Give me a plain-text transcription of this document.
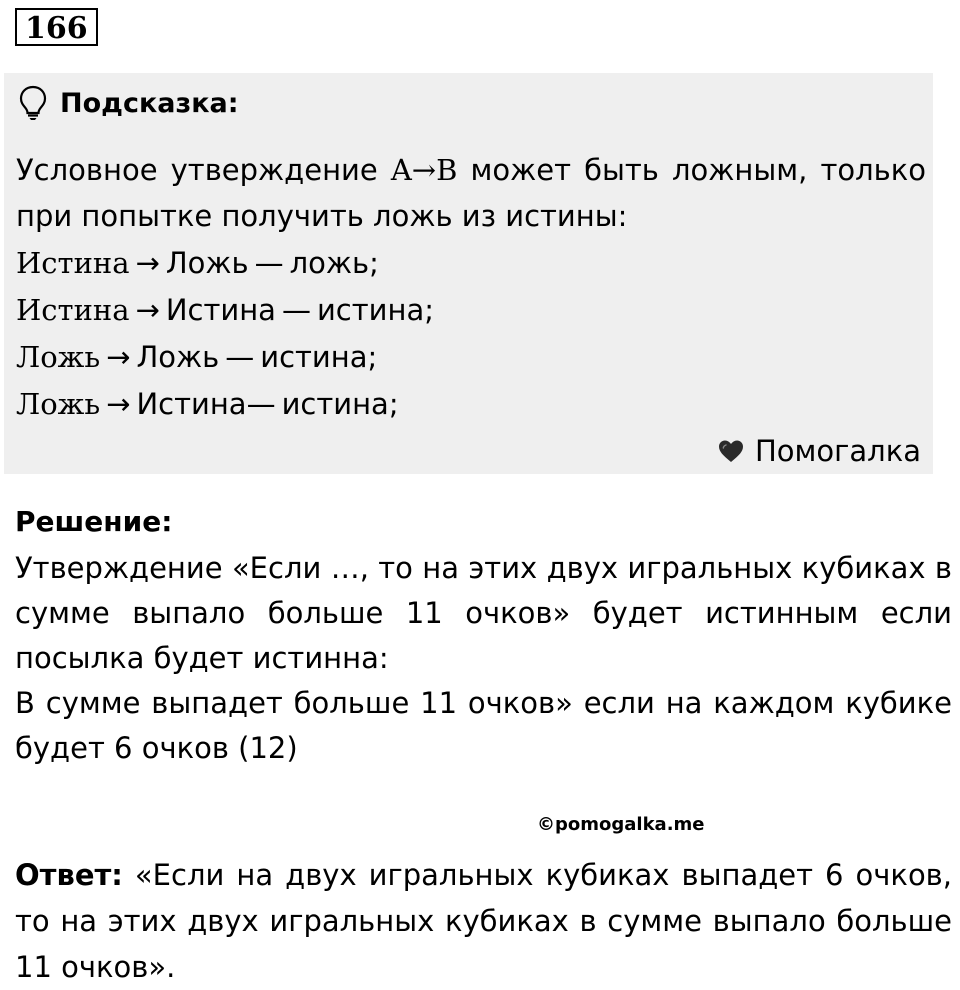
166
Подсказка:
Условное утверждение A→B может быть ложным, только при попытке получить ложь из истины:
Истина → Ложь — ложь;
Истина → Истина — истина;
Ложь → Ложь — истина;
Ложь → Истина— истина;
Помогалка
Решение:

Утверждение «Если …, то на этих двух игральных кубиках в сумме выпало больше 11 очков» будет истинным если посылка будет истинна:

В сумме выпадет больше 11 очков» если на каждом кубике будет 6 очков (12)

©pomogalka.me
Ответ: «Если на двух игральных кубиках выпадет 6 очков, то на этих двух игральных кубиках в сумме выпало больше 11 очков».
